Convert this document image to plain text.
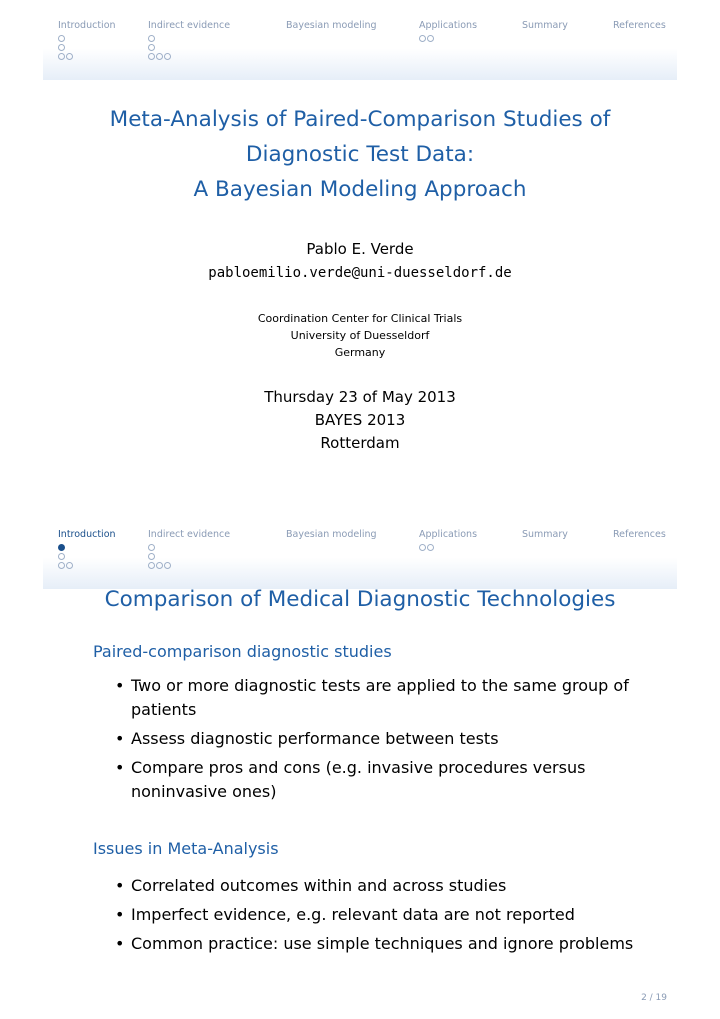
Introduction	Indirect evidence	Bayesian modeling	Applications	Summary	References
Meta-Analysis of Paired-Comparison Studies of
Diagnostic Test Data:
A Bayesian Modeling Approach
Pablo E. Verde
pabloemilio.verde@uni-duesseldorf.de
Coordination Center for Clinical Trials
University of Duesseldorf
Germany
Thursday 23 of May 2013
BAYES 2013
Rotterdam
Introduction	Indirect evidence	Bayesian modeling	Applications	Summary	References
Comparison of Medical Diagnostic Technologies
Paired-comparison diagnostic studies
• Two or more diagnostic tests are applied to the same group of patients
• Assess diagnostic performance between tests
• Compare pros and cons (e.g. invasive procedures versus noninvasive ones)
Issues in Meta-Analysis
• Correlated outcomes within and across studies
• Imperfect evidence, e.g. relevant data are not reported
• Common practice: use simple techniques and ignore problems
2 / 19
